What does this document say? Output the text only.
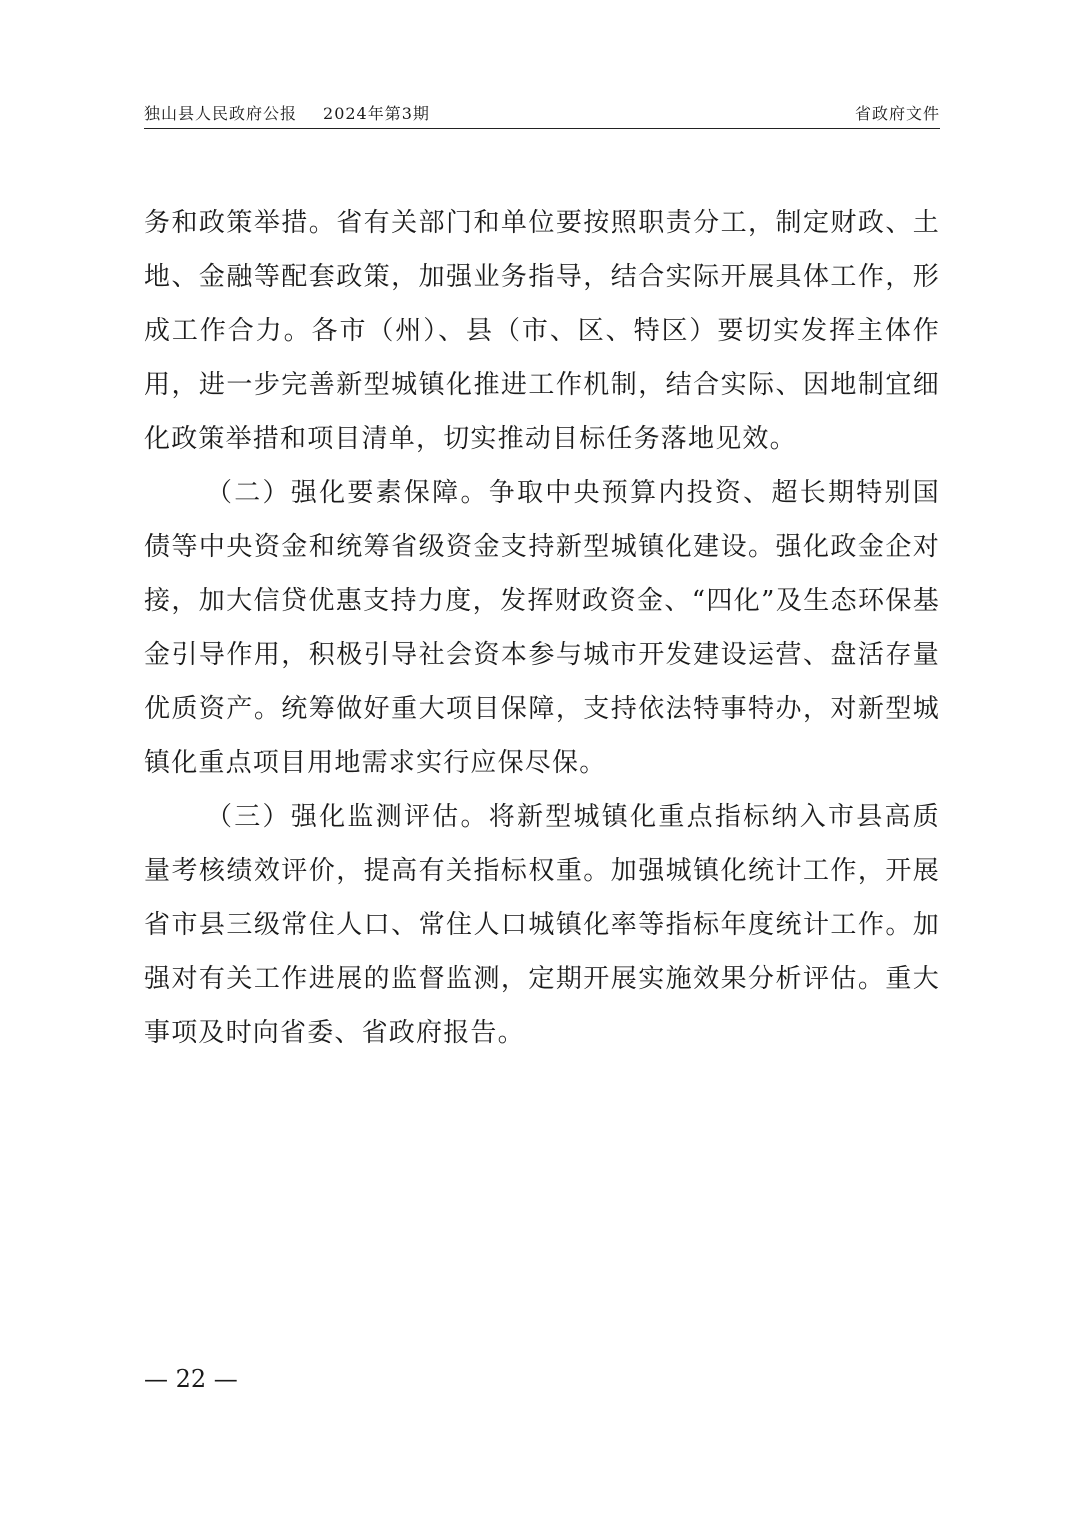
独山县人民政府公报 2024年第3期	省政府文件

务和政策举措。省有关部门和单位要按照职责分工，制定财政、土地、金融等配套政策，加强业务指导，结合实际开展具体工作，形成工作合力。各市（州）、县（市、区、特区）要切实发挥主体作用，进一步完善新型城镇化推进工作机制，结合实际、因地制宜细化政策举措和项目清单，切实推动目标任务落地见效。

（二）强化要素保障。争取中央预算内投资、超长期特别国债等中央资金和统筹省级资金支持新型城镇化建设。强化政金企对接，加大信贷优惠支持力度，发挥财政资金、“四化”及生态环保基金引导作用，积极引导社会资本参与城市开发建设运营、盘活存量优质资产。统筹做好重大项目保障，支持依法特事特办，对新型城镇化重点项目用地需求实行应保尽保。

（三）强化监测评估。将新型城镇化重点指标纳入市县高质量考核绩效评价，提高有关指标权重。加强城镇化统计工作，开展省市县三级常住人口、常住人口城镇化率等指标年度统计工作。加强对有关工作进展的监督监测，定期开展实施效果分析评估。重大事项及时向省委、省政府报告。

— 22 —
